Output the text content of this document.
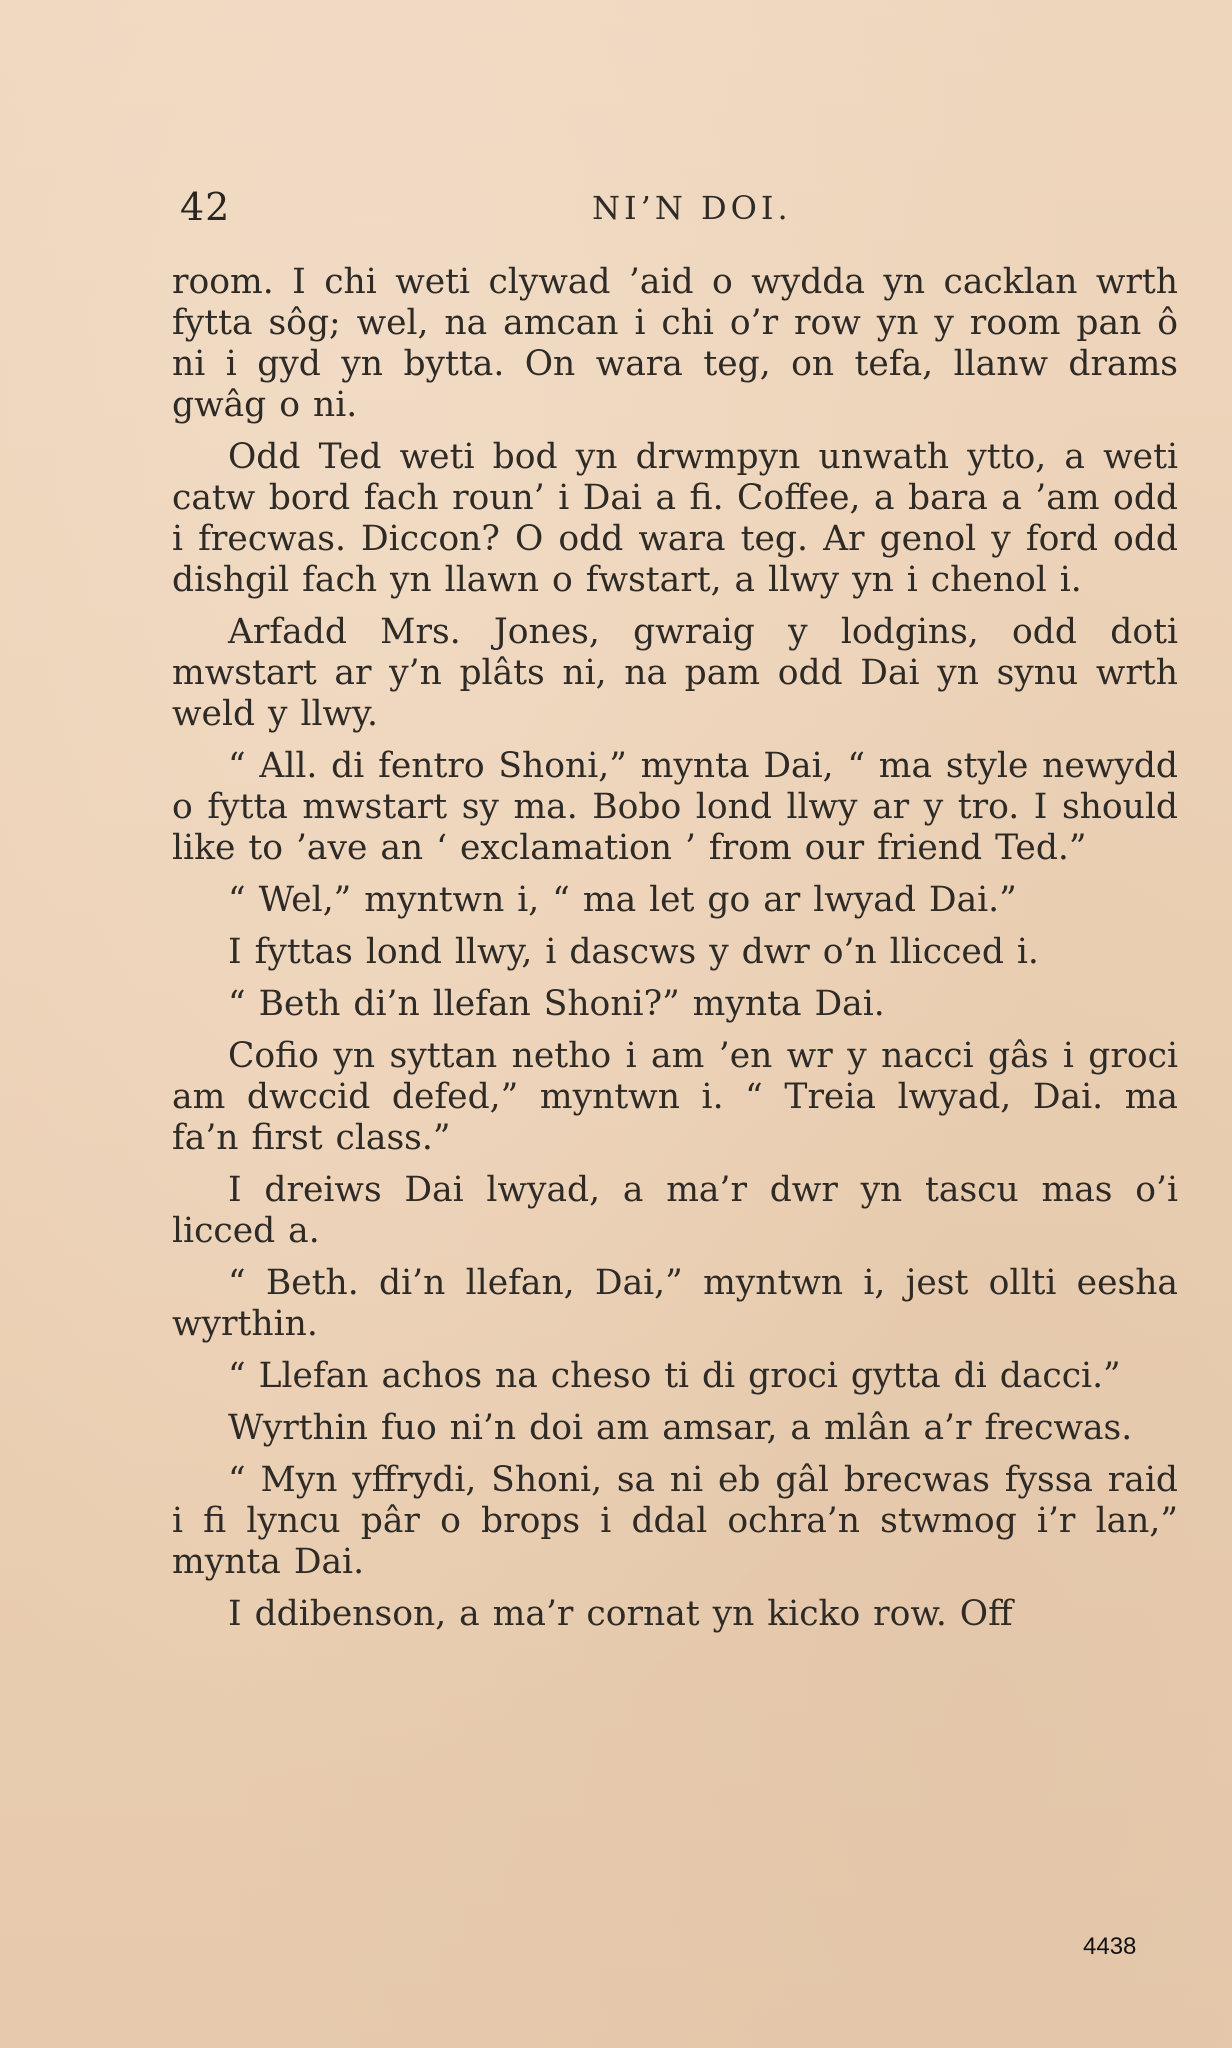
42	NI’N DOI.

room. I chi weti clywad ’aid o wydda yn cacklan wrth fytta sôg; wel, na amcan i chi o’r row yn y room pan ô ni i gyd yn bytta. On wara teg, on tefa, llanw drams gwâg o ni.

Odd Ted weti bod yn drwmpyn unwath ytto, a weti catw bord fach roun’ i Dai a fi. Coffee, a bara a ’am odd i frecwas. Diccon? O odd wara teg. Ar genol y ford odd dishgil fach yn llawn o fwstart, a llwy yn i chenol i.

Arfadd Mrs. Jones, gwraig y lodgins, odd doti mwstart ar y’n plâts ni, na pam odd Dai yn synu wrth weld y llwy.

“ All. di fentro Shoni,” mynta Dai, “ ma style newydd o fytta mwstart sy ma. Bobo lond llwy ar y tro. I should like to ’ave an ‘ exclamation ’ from our friend Ted.”

“ Wel,” myntwn i, “ ma let go ar lwyad Dai.”

I fyttas lond llwy, i dascws y dwr o’n llicced i.

“ Beth di’n llefan Shoni?” mynta Dai.

Cofio yn syttan netho i am ’en wr y nacci gâs i groci am dwccid defed,” myntwn i. “ Treia lwyad, Dai. ma fa’n first class.”

I dreiws Dai lwyad, a ma’r dwr yn tascu mas o’i licced a.

“ Beth. di’n llefan, Dai,” myntwn i, jest ollti eesha wyrthin.

“ Llefan achos na cheso ti di groci gytta di dacci.”

Wyrthin fuo ni’n doi am amsar, a mlân a’r frecwas.

“ Myn yffrydi, Shoni, sa ni eb gâl brecwas fyssa raid i fi lyncu pâr o brops i ddal ochra’n stwmog i’r lan,” mynta Dai.

I ddibenson, a ma’r cornat yn kicko row. Off

4438
